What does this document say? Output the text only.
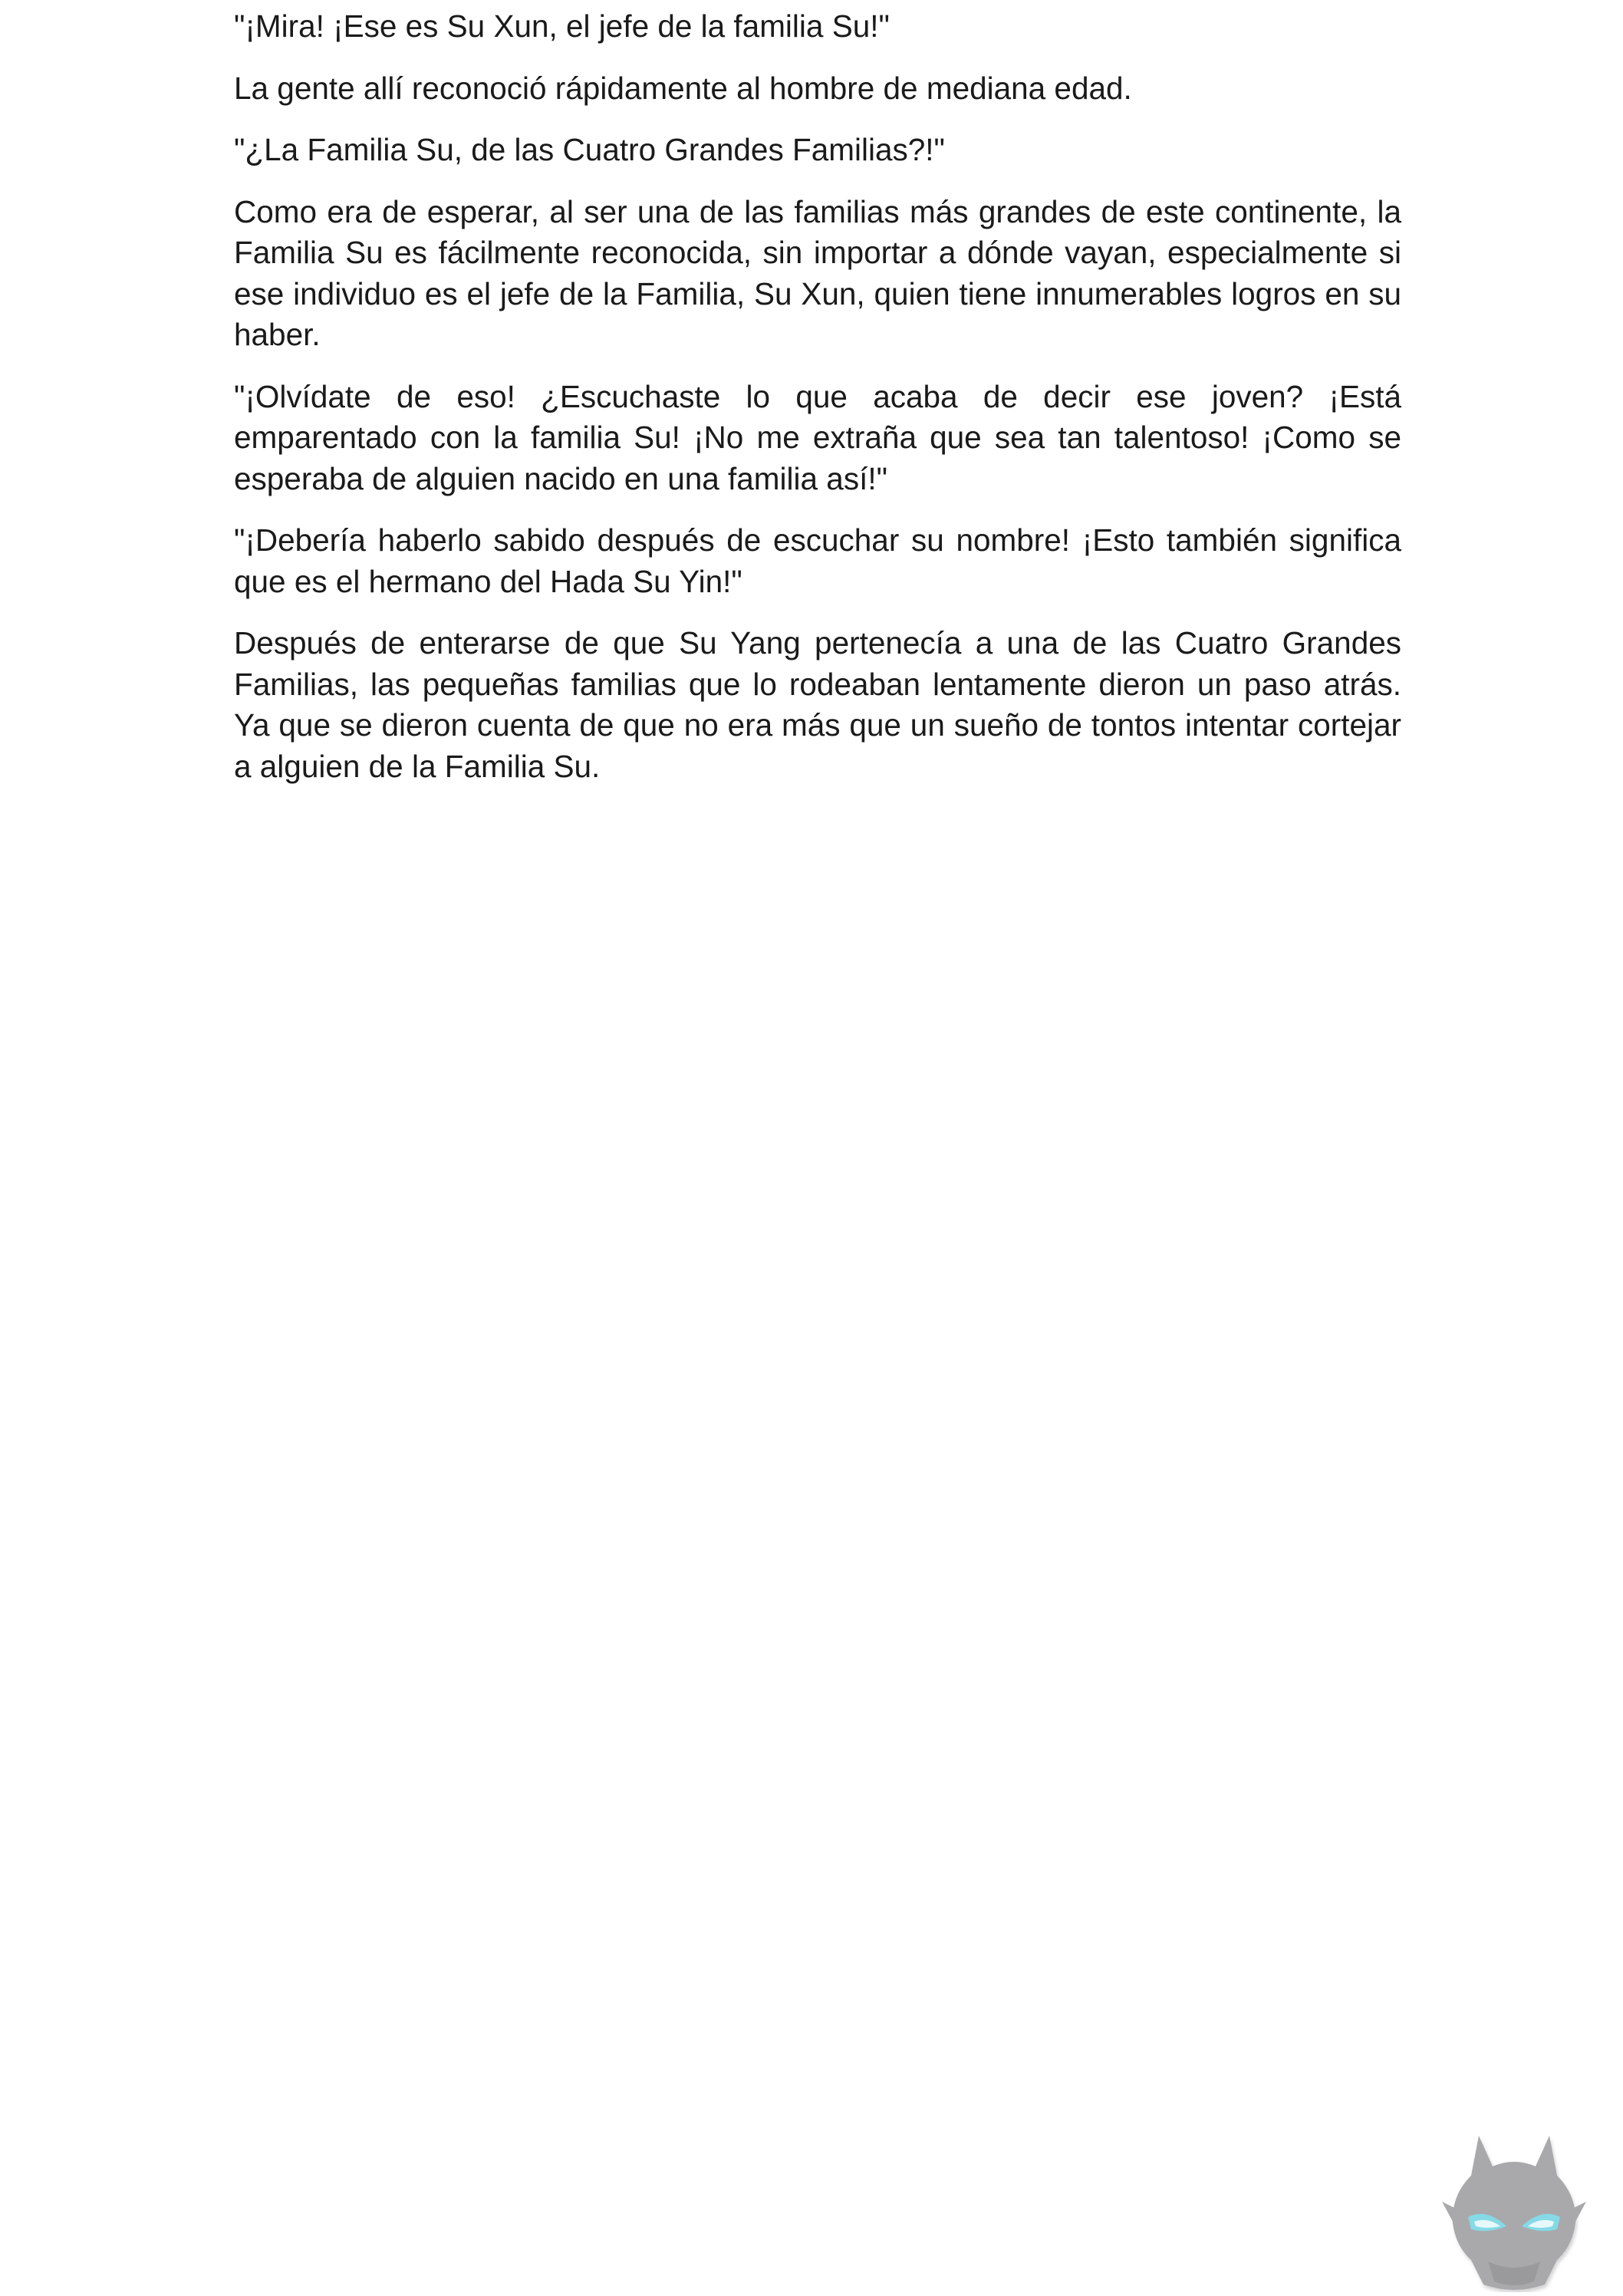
"¡Mira! ¡Ese es Su Xun, el jefe de la familia Su!"

La gente allí reconoció rápidamente al hombre de mediana edad.

"¿La Familia Su, de las Cuatro Grandes Familias?!"

Como era de esperar, al ser una de las familias más grandes de este continente, la Familia Su es fácilmente reconocida, sin importar a dónde vayan, especialmente si ese individuo es el jefe de la Familia, Su Xun, quien tiene innumerables logros en su haber.

"¡Olvídate de eso! ¿Escuchaste lo que acaba de decir ese joven? ¡Está emparentado con la familia Su! ¡No me extraña que sea tan talentoso! ¡Como se esperaba de alguien nacido en una familia así!"

"¡Debería haberlo sabido después de escuchar su nombre! ¡Esto también significa que es el hermano del Hada Su Yin!"

Después de enterarse de que Su Yang pertenecía a una de las Cuatro Grandes Familias, las pequeñas familias que lo rodeaban lentamente dieron un paso atrás. Ya que se dieron cuenta de que no era más que un sueño de tontos intentar cortejar a alguien de la Familia Su.
